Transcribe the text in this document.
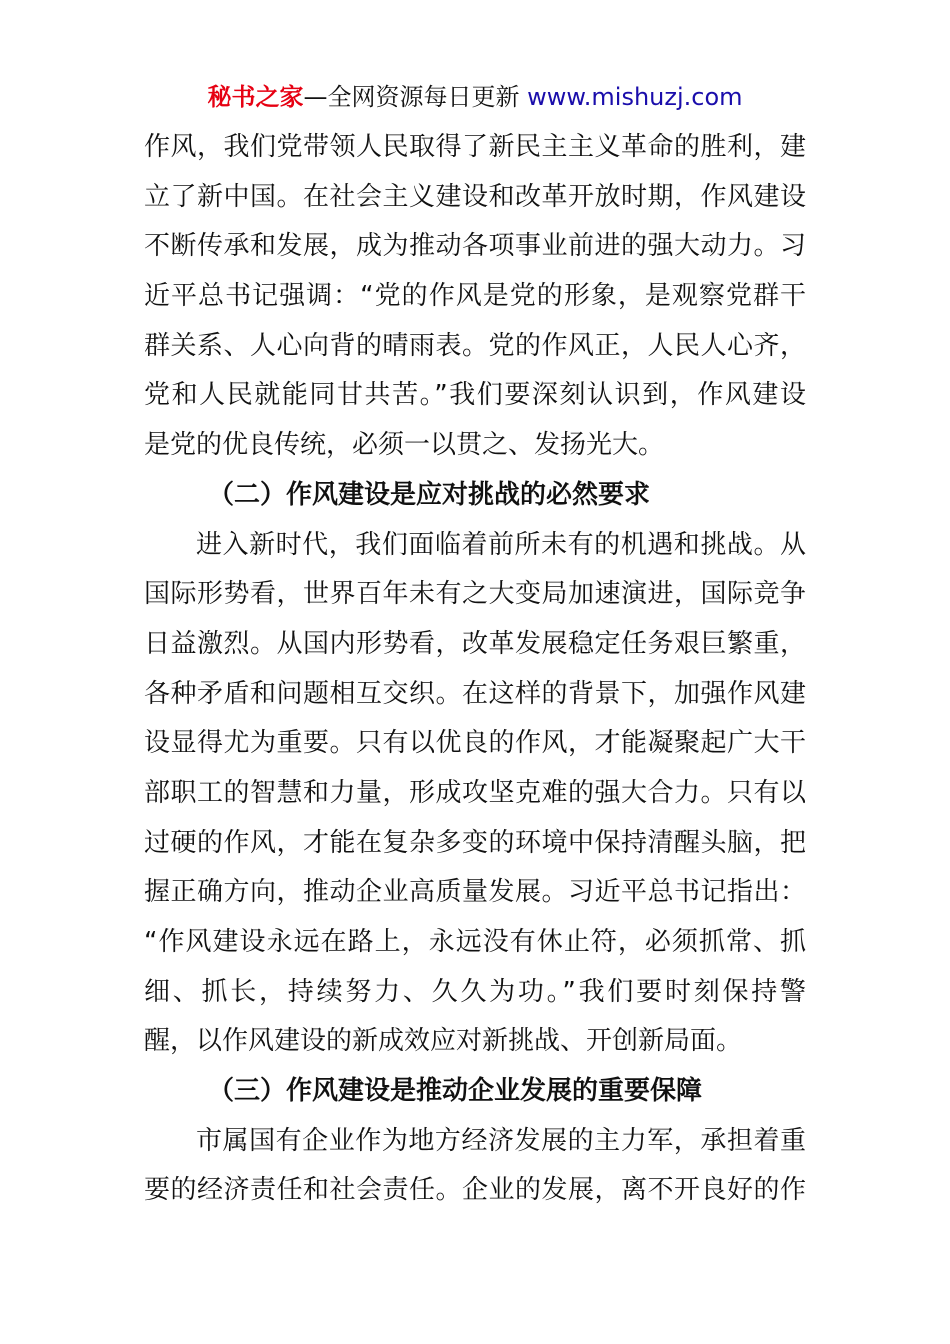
秘书之家—全网资源每日更新 www.mishuzj.com
作风，我们党带领人民取得了新民主主义革命的胜利，建
立了新中国。在社会主义建设和改革开放时期，作风建设
不断传承和发展，成为推动各项事业前进的强大动力。习
近平总书记强调：“党的作风是党的形象，是观察党群干
群关系、人心向背的晴雨表。党的作风正，人民人心齐，
党和人民就能同甘共苦。”我们要深刻认识到，作风建设
是党的优良传统，必须一以贯之、发扬光大。
（二）作风建设是应对挑战的必然要求
进入新时代，我们面临着前所未有的机遇和挑战。从
国际形势看，世界百年未有之大变局加速演进，国际竞争
日益激烈。从国内形势看，改革发展稳定任务艰巨繁重，
各种矛盾和问题相互交织。在这样的背景下，加强作风建
设显得尤为重要。只有以优良的作风，才能凝聚起广大干
部职工的智慧和力量，形成攻坚克难的强大合力。只有以
过硬的作风，才能在复杂多变的环境中保持清醒头脑，把
握正确方向，推动企业高质量发展。习近平总书记指出：
“作风建设永远在路上，永远没有休止符，必须抓常、抓
细、抓长，持续努力、久久为功。”我们要时刻保持警
醒，以作风建设的新成效应对新挑战、开创新局面。
（三）作风建设是推动企业发展的重要保障
市属国有企业作为地方经济发展的主力军，承担着重
要的经济责任和社会责任。企业的发展，离不开良好的作
